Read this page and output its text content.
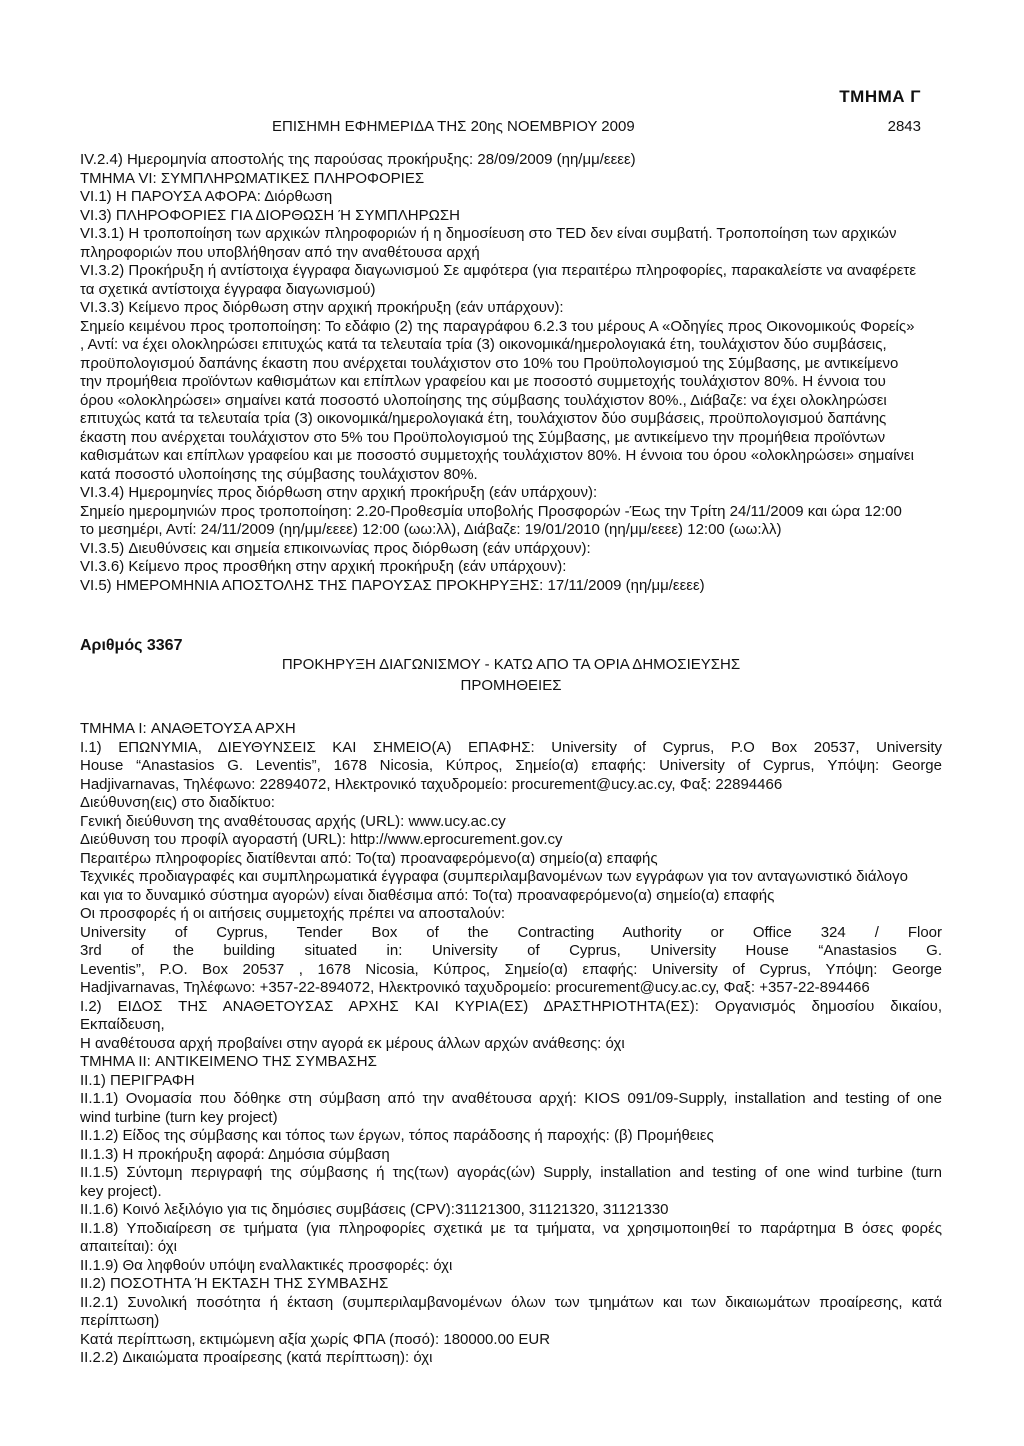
ΤΜΗΜΑ Γ
ΕΠΙΣΗΜΗ ΕΦΗΜΕΡΙΔΑ ΤΗΣ 20ης ΝΟΕΜΒΡΙΟΥ 2009	2843
IV.2.4) Ημερομηνία αποστολής της παρούσας προκήρυξης: 28/09/2009 (ηη/μμ/εεεε)
ΤΜΗΜΑ VI: ΣΥΜΠΛΗΡΩΜΑΤΙΚΕΣ ΠΛΗΡΟΦΟΡΙΕΣ
VI.1) Η ΠΑΡΟΥΣΑ ΑΦΟΡΑ: Διόρθωση
VI.3) ΠΛΗΡΟΦΟΡΙΕΣ ΓΙΑ ΔΙΟΡΘΩΣΗ Ή ΣΥΜΠΛΗΡΩΣΗ
VI.3.1) Η τροποποίηση των αρχικών πληροφοριών ή η δημοσίευση στο TED δεν είναι συμβατή. Τροποποίηση των αρχικών
πληροφοριών που υποβλήθησαν από την αναθέτουσα αρχή
VI.3.2) Προκήρυξη ή αντίστοιχα έγγραφα διαγωνισμού Σε αμφότερα (για περαιτέρω πληροφορίες, παρακαλείστε να αναφέρετε
τα σχετικά αντίστοιχα έγγραφα διαγωνισμού)
VI.3.3) Κείμενο προς διόρθωση στην αρχική προκήρυξη (εάν υπάρχουν):
Σημείο κειμένου προς τροποποίηση: Το εδάφιο (2) της παραγράφου 6.2.3 του μέρους Α «Οδηγίες προς Οικονομικούς Φορείς»
, Αντί: να έχει ολοκληρώσει επιτυχώς κατά τα τελευταία τρία (3) οικονομικά/ημερολογιακά έτη, τουλάχιστον δύο συμβάσεις,
προϋπολογισμού δαπάνης έκαστη που ανέρχεται τουλάχιστον στο 10% του Προϋπολογισμού της Σύμβασης, με αντικείμενο
την προμήθεια προϊόντων καθισμάτων και επίπλων γραφείου και με ποσοστό συμμετοχής τουλάχιστον 80%. Η έννοια του
όρου «ολοκληρώσει» σημαίνει κατά ποσοστό υλοποίησης της σύμβασης τουλάχιστον 80%., Διάβαζε: να έχει ολοκληρώσει
επιτυχώς κατά τα τελευταία τρία (3) οικονομικά/ημερολογιακά έτη, τουλάχιστον δύο συμβάσεις, προϋπολογισμού δαπάνης
έκαστη που ανέρχεται τουλάχιστον στο 5% του Προϋπολογισμού της Σύμβασης, με αντικείμενο την προμήθεια προϊόντων
καθισμάτων και επίπλων γραφείου και με ποσοστό συμμετοχής τουλάχιστον 80%. Η έννοια του όρου «ολοκληρώσει» σημαίνει
κατά ποσοστό υλοποίησης της σύμβασης τουλάχιστον 80%.
VI.3.4) Ημερομηνίες προς διόρθωση στην αρχική προκήρυξη (εάν υπάρχουν):
Σημείο ημερομηνιών προς τροποποίηση: 2.20-Προθεσμία υποβολής Προσφορών -Έως την Τρίτη 24/11/2009 και ώρα 12:00
το μεσημέρι, Αντί: 24/11/2009 (ηη/μμ/εεεε) 12:00 (ωω:λλ), Διάβαζε: 19/01/2010 (ηη/μμ/εεεε) 12:00 (ωω:λλ)
VI.3.5) Διευθύνσεις και σημεία επικοινωνίας προς διόρθωση (εάν υπάρχουν):
VI.3.6) Κείμενο προς προσθήκη στην αρχική προκήρυξη (εάν υπάρχουν):
VI.5) ΗΜΕΡΟΜΗΝΙΑ ΑΠΟΣΤΟΛΗΣ ΤΗΣ ΠΑΡΟΥΣΑΣ ΠΡΟΚΗΡΥΞΗΣ: 17/11/2009 (ηη/μμ/εεεε)
Αριθμός 3367
ΠΡΟΚΗΡΥΞΗ ΔΙΑΓΩΝΙΣΜΟΥ - ΚΑΤΩ ΑΠΟ ΤΑ ΟΡΙΑ ΔΗΜΟΣΙΕΥΣΗΣ
ΠΡΟΜΗΘΕΙΕΣ
ΤΜΗΜΑ I: ΑΝΑΘΕΤΟΥΣΑ ΑΡΧΗ
I.1) ΕΠΩΝΥΜΙΑ, ΔΙΕΥΘΥΝΣΕΙΣ ΚΑΙ ΣΗΜΕΙΟ(Α) ΕΠΑΦΗΣ: University of Cyprus, P.O Box 20537, University
House “Anastasios G. Leventis”, 1678 Nicosia, Κύπρος, Σημείο(α) επαφής: University of Cyprus, Υπόψη: George
Hadjivarnavas, Τηλέφωνο: 22894072, Ηλεκτρονικό ταχυδρομείο: procurement@ucy.ac.cy, Φαξ: 22894466
Διεύθυνση(εις) στο διαδίκτυο:
Γενική διεύθυνση της αναθέτουσας αρχής (URL): www.ucy.ac.cy
Διεύθυνση του προφίλ αγοραστή (URL): http://www.eprocurement.gov.cy
Περαιτέρω πληροφορίες διατίθενται από: Το(τα) προαναφερόμενο(α) σημείο(α) επαφής
Τεχνικές προδιαγραφές και συμπληρωματικά έγγραφα (συμπεριλαμβανομένων των εγγράφων για τον ανταγωνιστικό διάλογο
και για το δυναμικό σύστημα αγορών) είναι διαθέσιμα από: Το(τα) προαναφερόμενο(α) σημείο(α) επαφής
Οι προσφορές ή οι αιτήσεις συμμετοχής πρέπει να αποσταλούν:
University of Cyprus, Tender Box of the Contracting Authority or Office 324 / Floor
3rd of the building situated in: University of Cyprus, University House “Anastasios G.
Leventis”, P.O. Box 20537 , 1678 Nicosia, Κύπρος, Σημείο(α) επαφής: University of Cyprus, Υπόψη: George
Hadjivarnavas, Τηλέφωνο: +357-22-894072, Ηλεκτρονικό ταχυδρομείο: procurement@ucy.ac.cy, Φαξ: +357-22-894466
I.2) ΕΙΔΟΣ ΤΗΣ ΑΝΑΘΕΤΟΥΣΑΣ ΑΡΧΗΣ ΚΑΙ ΚΥΡΙΑ(ΕΣ) ΔΡΑΣΤΗΡΙΟΤΗΤΑ(ΕΣ): Οργανισμός δημοσίου δικαίου,
Εκπαίδευση,
Η αναθέτουσα αρχή προβαίνει στην αγορά εκ μέρους άλλων αρχών ανάθεσης: όχι
ΤΜΗΜΑ II: ΑΝΤΙΚΕΙΜΕΝΟ ΤΗΣ ΣΥΜΒΑΣΗΣ
II.1) ΠΕΡΙΓΡΑΦΗ
II.1.1) Ονομασία που δόθηκε στη σύμβαση από την αναθέτουσα αρχή: KIOS 091/09-Supply, installation and testing of one
wind turbine (turn key project)
II.1.2) Είδος της σύμβασης και τόπος των έργων, τόπος παράδοσης ή παροχής: (β) Προμήθειες
II.1.3) Η προκήρυξη αφορά: Δημόσια σύμβαση
II.1.5) Σύντομη περιγραφή της σύμβασης ή της(των) αγοράς(ών) Supply, installation and testing of one wind turbine (turn
key project).
II.1.6) Κοινό λεξιλόγιο για τις δημόσιες συμβάσεις (CPV):31121300, 31121320, 31121330
II.1.8) Υποδιαίρεση σε τμήματα (για πληροφορίες σχετικά με τα τμήματα, να χρησιμοποιηθεί το παράρτημα Β όσες φορές
απαιτείται): όχι
II.1.9) Θα ληφθούν υπόψη εναλλακτικές προσφορές: όχι
II.2) ΠΟΣΟΤΗΤΑ Ή ΕΚΤΑΣΗ ΤΗΣ ΣΥΜΒΑΣΗΣ
II.2.1) Συνολική ποσότητα ή έκταση (συμπεριλαμβανομένων όλων των τμημάτων και των δικαιωμάτων προαίρεσης, κατά
περίπτωση)
Κατά περίπτωση, εκτιμώμενη αξία χωρίς ΦΠΑ (ποσό): 180000.00 EUR
II.2.2) Δικαιώματα προαίρεσης (κατά περίπτωση): όχι
